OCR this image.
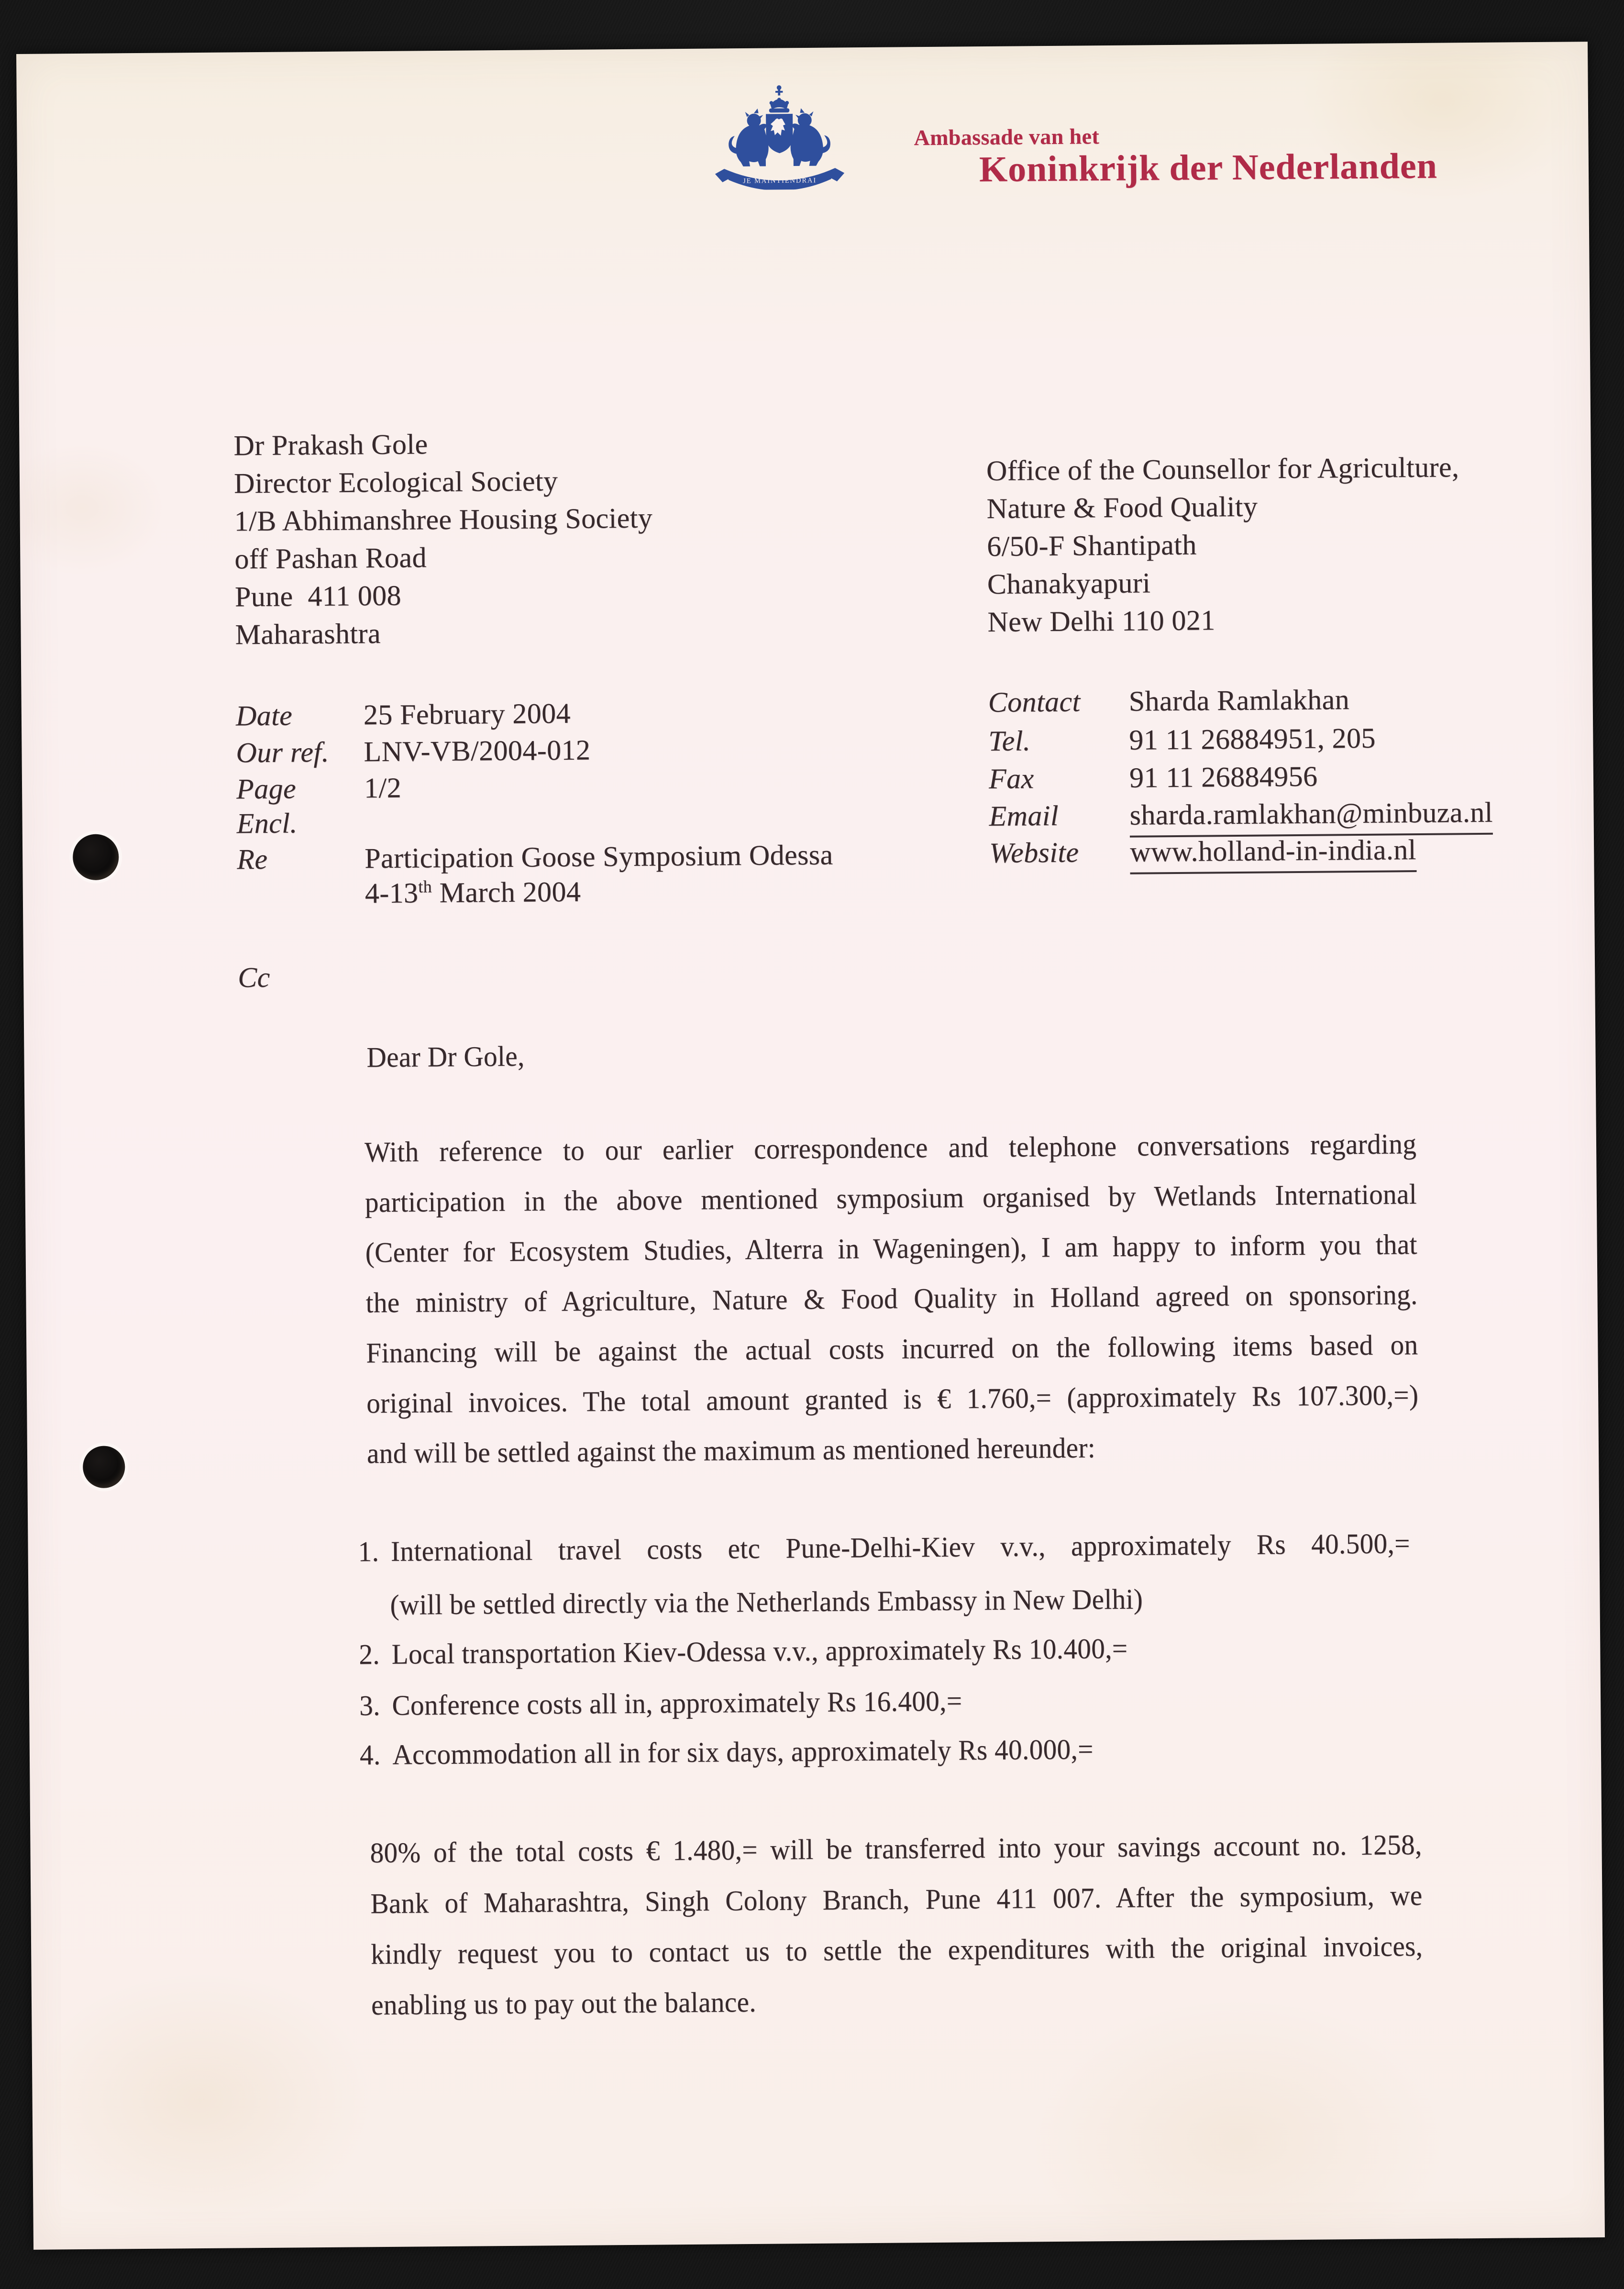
JE MAINTIENDRAI
Ambassade van het
Koninkrijk der Nederlanden
Dr Prakash Gole
Director Ecological Society
1/B Abhimanshree Housing Society
off Pashan Road
Pune  411 008
Maharashtra
Office of the Counsellor for Agriculture,
Nature & Food Quality
6/50-F Shantipath
Chanakyapuri
New Delhi 110 021
Date 25 February 2004
Our ref. LNV-VB/2004-012
Page 1/2
Encl.
Re	Participation Goose Symposium Odessa
4-13th March 2004
Cc
Contact Sharda Ramlakhan
Tel.	91 11 26884951, 205
Fax	91 11 26884956
Email sharda.ramlakhan@minbuza.nl
Website www.holland-in-india.nl
Dear Dr Gole,
With reference to our earlier correspondence and telephone conversations regarding
participation in the above mentioned symposium organised by Wetlands International
(Center for Ecosystem Studies, Alterra in Wageningen), I am happy to inform you that
the ministry of Agriculture, Nature & Food Quality in Holland agreed on sponsoring.
Financing will be against the actual costs incurred on the following items based on
original invoices. The total amount granted is € 1.760,= (approximately Rs 107.300,=)
and will be settled against the maximum as mentioned hereunder:
1. International travel costs etc Pune-Delhi-Kiev v.v., approximately Rs 40.500,=
(will be settled directly via the Netherlands Embassy in New Delhi)
2. Local transportation Kiev-Odessa v.v., approximately Rs 10.400,=
3. Conference costs all in, approximately Rs 16.400,=
4. Accommodation all in for six days, approximately Rs 40.000,=
80% of the total costs € 1.480,= will be transferred into your savings account no. 1258,
Bank of Maharashtra, Singh Colony Branch, Pune 411 007. After the symposium, we
kindly request you to contact us to settle the expenditures with the original invoices,
enabling us to pay out the balance.
